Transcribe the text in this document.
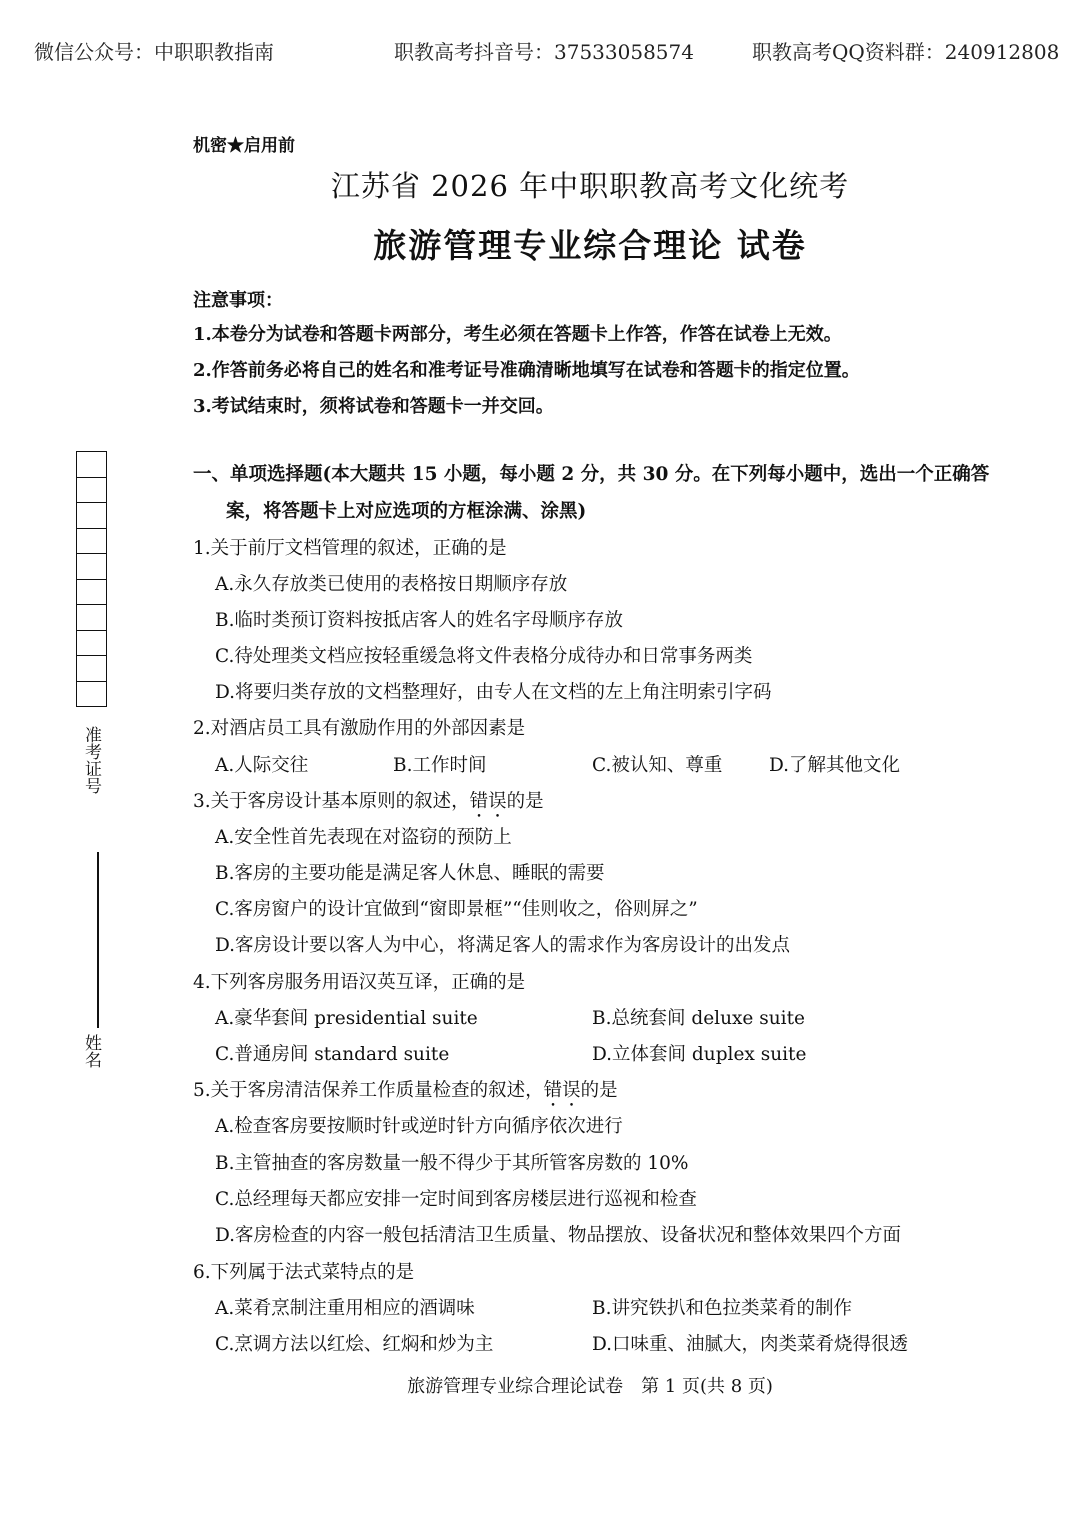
微信公众号：中职职教指南	职教高考抖音号：37533058574	职教高考QQ资料群：240912808
机密★启用前
江苏省 2026 年中职职教高考文化统考
旅游管理专业综合理论 试卷
注意事项：
1.本卷分为试卷和答题卡两部分，考生必须在答题卡上作答，作答在试卷上无效。
2.作答前务必将自己的姓名和准考证号准确清晰地填写在试卷和答题卡的指定位置。
3.考试结束时，须将试卷和答题卡一并交回。
准考证号
姓名
一、单项选择题(本大题共 15 小题，每小题 2 分，共 30 分。在下列每小题中，选出一个正确答
案，将答题卡上对应选项的方框涂满、涂黑)
1.关于前厅文档管理的叙述，正确的是
A.永久存放类已使用的表格按日期顺序存放
B.临时类预订资料按抵店客人的姓名字母顺序存放
C.待处理类文档应按轻重缓急将文件表格分成待办和日常事务两类
D.将要归类存放的文档整理好，由专人在文档的左上角注明索引字码
2.对酒店员工具有激励作用的外部因素是
A.人际交往	B.工作时间	C.被认知、尊重	D.了解其他文化
3.关于客房设计基本原则的叙述，错误的是
A.安全性首先表现在对盗窃的预防上
B.客房的主要功能是满足客人休息、睡眠的需要
C.客房窗户的设计宜做到“窗即景框”“佳则收之，俗则屏之”
D.客房设计要以客人为中心，将满足客人的需求作为客房设计的出发点
4.下列客房服务用语汉英互译，正确的是
A.豪华套间 presidential suite	B.总统套间 deluxe suite
C.普通房间 standard suite	D.立体套间 duplex suite
5.关于客房清洁保养工作质量检查的叙述，错误的是
A.检查客房要按顺时针或逆时针方向循序依次进行
B.主管抽查的客房数量一般不得少于其所管客房数的 10%
C.总经理每天都应安排一定时间到客房楼层进行巡视和检查
D.客房检查的内容一般包括清洁卫生质量、物品摆放、设备状况和整体效果四个方面
6.下列属于法式菜特点的是
A.菜肴烹制注重用相应的酒调味	B.讲究铁扒和色拉类菜肴的制作
C.烹调方法以红烩、红焖和炒为主	D.口味重、油腻大，肉类菜肴烧得很透
旅游管理专业综合理论试卷　第 1 页(共 8 页)
